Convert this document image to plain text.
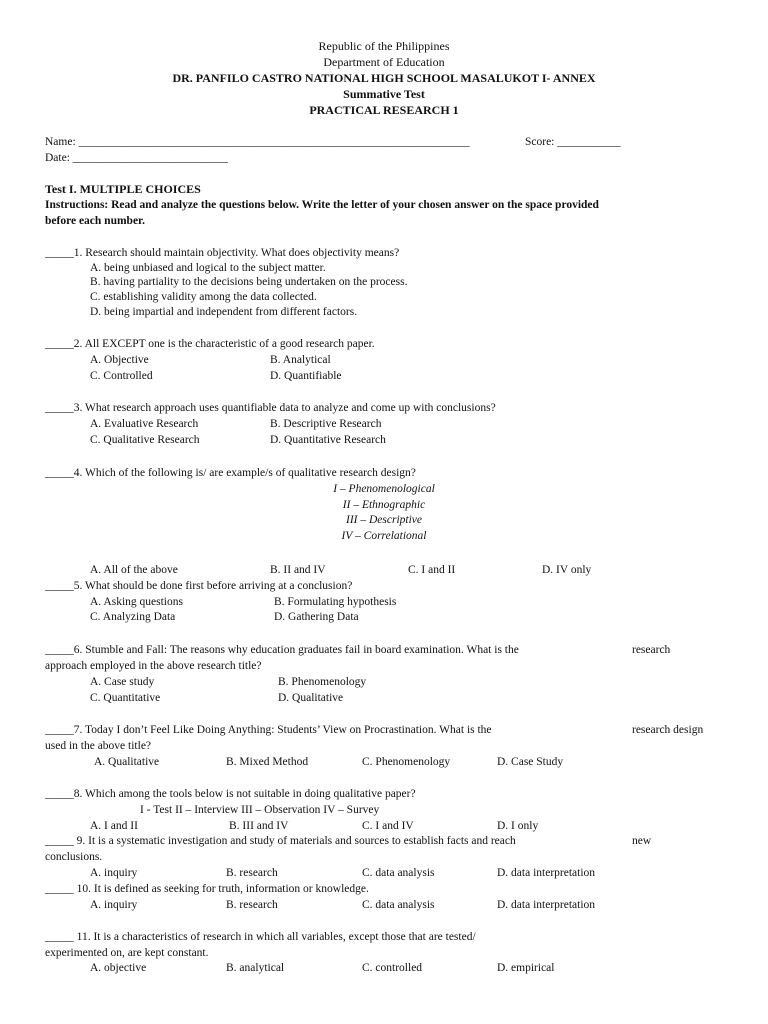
Republic of the Philippines
Department of Education
DR. PANFILO CASTRO NATIONAL HIGH SCHOOL MASALUKOT I- ANNEX
Summative Test
PRACTICAL RESEARCH 1
Name: ____________________________________________________________________	Score: ___________
Date: ___________________________
Test I. MULTIPLE CHOICES
Instructions: Read and analyze the questions below. Write the letter of your chosen answer on the space provided
before each number.
_____1. Research should maintain objectivity. What does objectivity means?
A. being unbiased and logical to the subject matter.
B. having partiality to the decisions being undertaken on the process.
C. establishing validity among the data collected.
D. being impartial and independent from different factors.
_____2. All EXCEPT one is the characteristic of a good research paper.
A. Objective	B. Analytical
C. Controlled	D. Quantifiable
_____3. What research approach uses quantifiable data to analyze and come up with conclusions?
A. Evaluative Research	B. Descriptive Research
C. Qualitative Research	D. Quantitative Research
_____4. Which of the following is/ are example/s of qualitative research design?
I – Phenomenological
II – Ethnographic
III – Descriptive
IV – Correlational
A. All of the above	B. II and IV	C. I and II	D. IV only
_____5. What should be done first before arriving at a conclusion?
A. Asking questions	B. Formulating hypothesis
C. Analyzing Data	D. Gathering Data
_____6. Stumble and Fall: The reasons why education graduates fail in board examination. What is the	research
approach employed in the above research title?
A. Case study	B. Phenomenology
C. Quantitative	D. Qualitative
_____7. Today I don’t Feel Like Doing Anything: Students’ View on Procrastination. What is the	research design
used in the above title?
A. Qualitative	B. Mixed Method	C. Phenomenology	D. Case Study
_____8. Which among the tools below is not suitable in doing qualitative paper?
I - Test II – Interview III – Observation IV – Survey
A. I and II	B. III and IV	C. I and IV	D. I only
_____ 9. It is a systematic investigation and study of materials and sources to establish facts and reach	new
conclusions.
A. inquiry	B. research	C. data analysis	D. data interpretation
_____ 10. It is defined as seeking for truth, information or knowledge.
A. inquiry	B. research	C. data analysis	D. data interpretation
_____ 11. It is a characteristics of research in which all variables, except those that are tested/
experimented on, are kept constant.
A. objective	B. analytical	C. controlled	D. empirical
